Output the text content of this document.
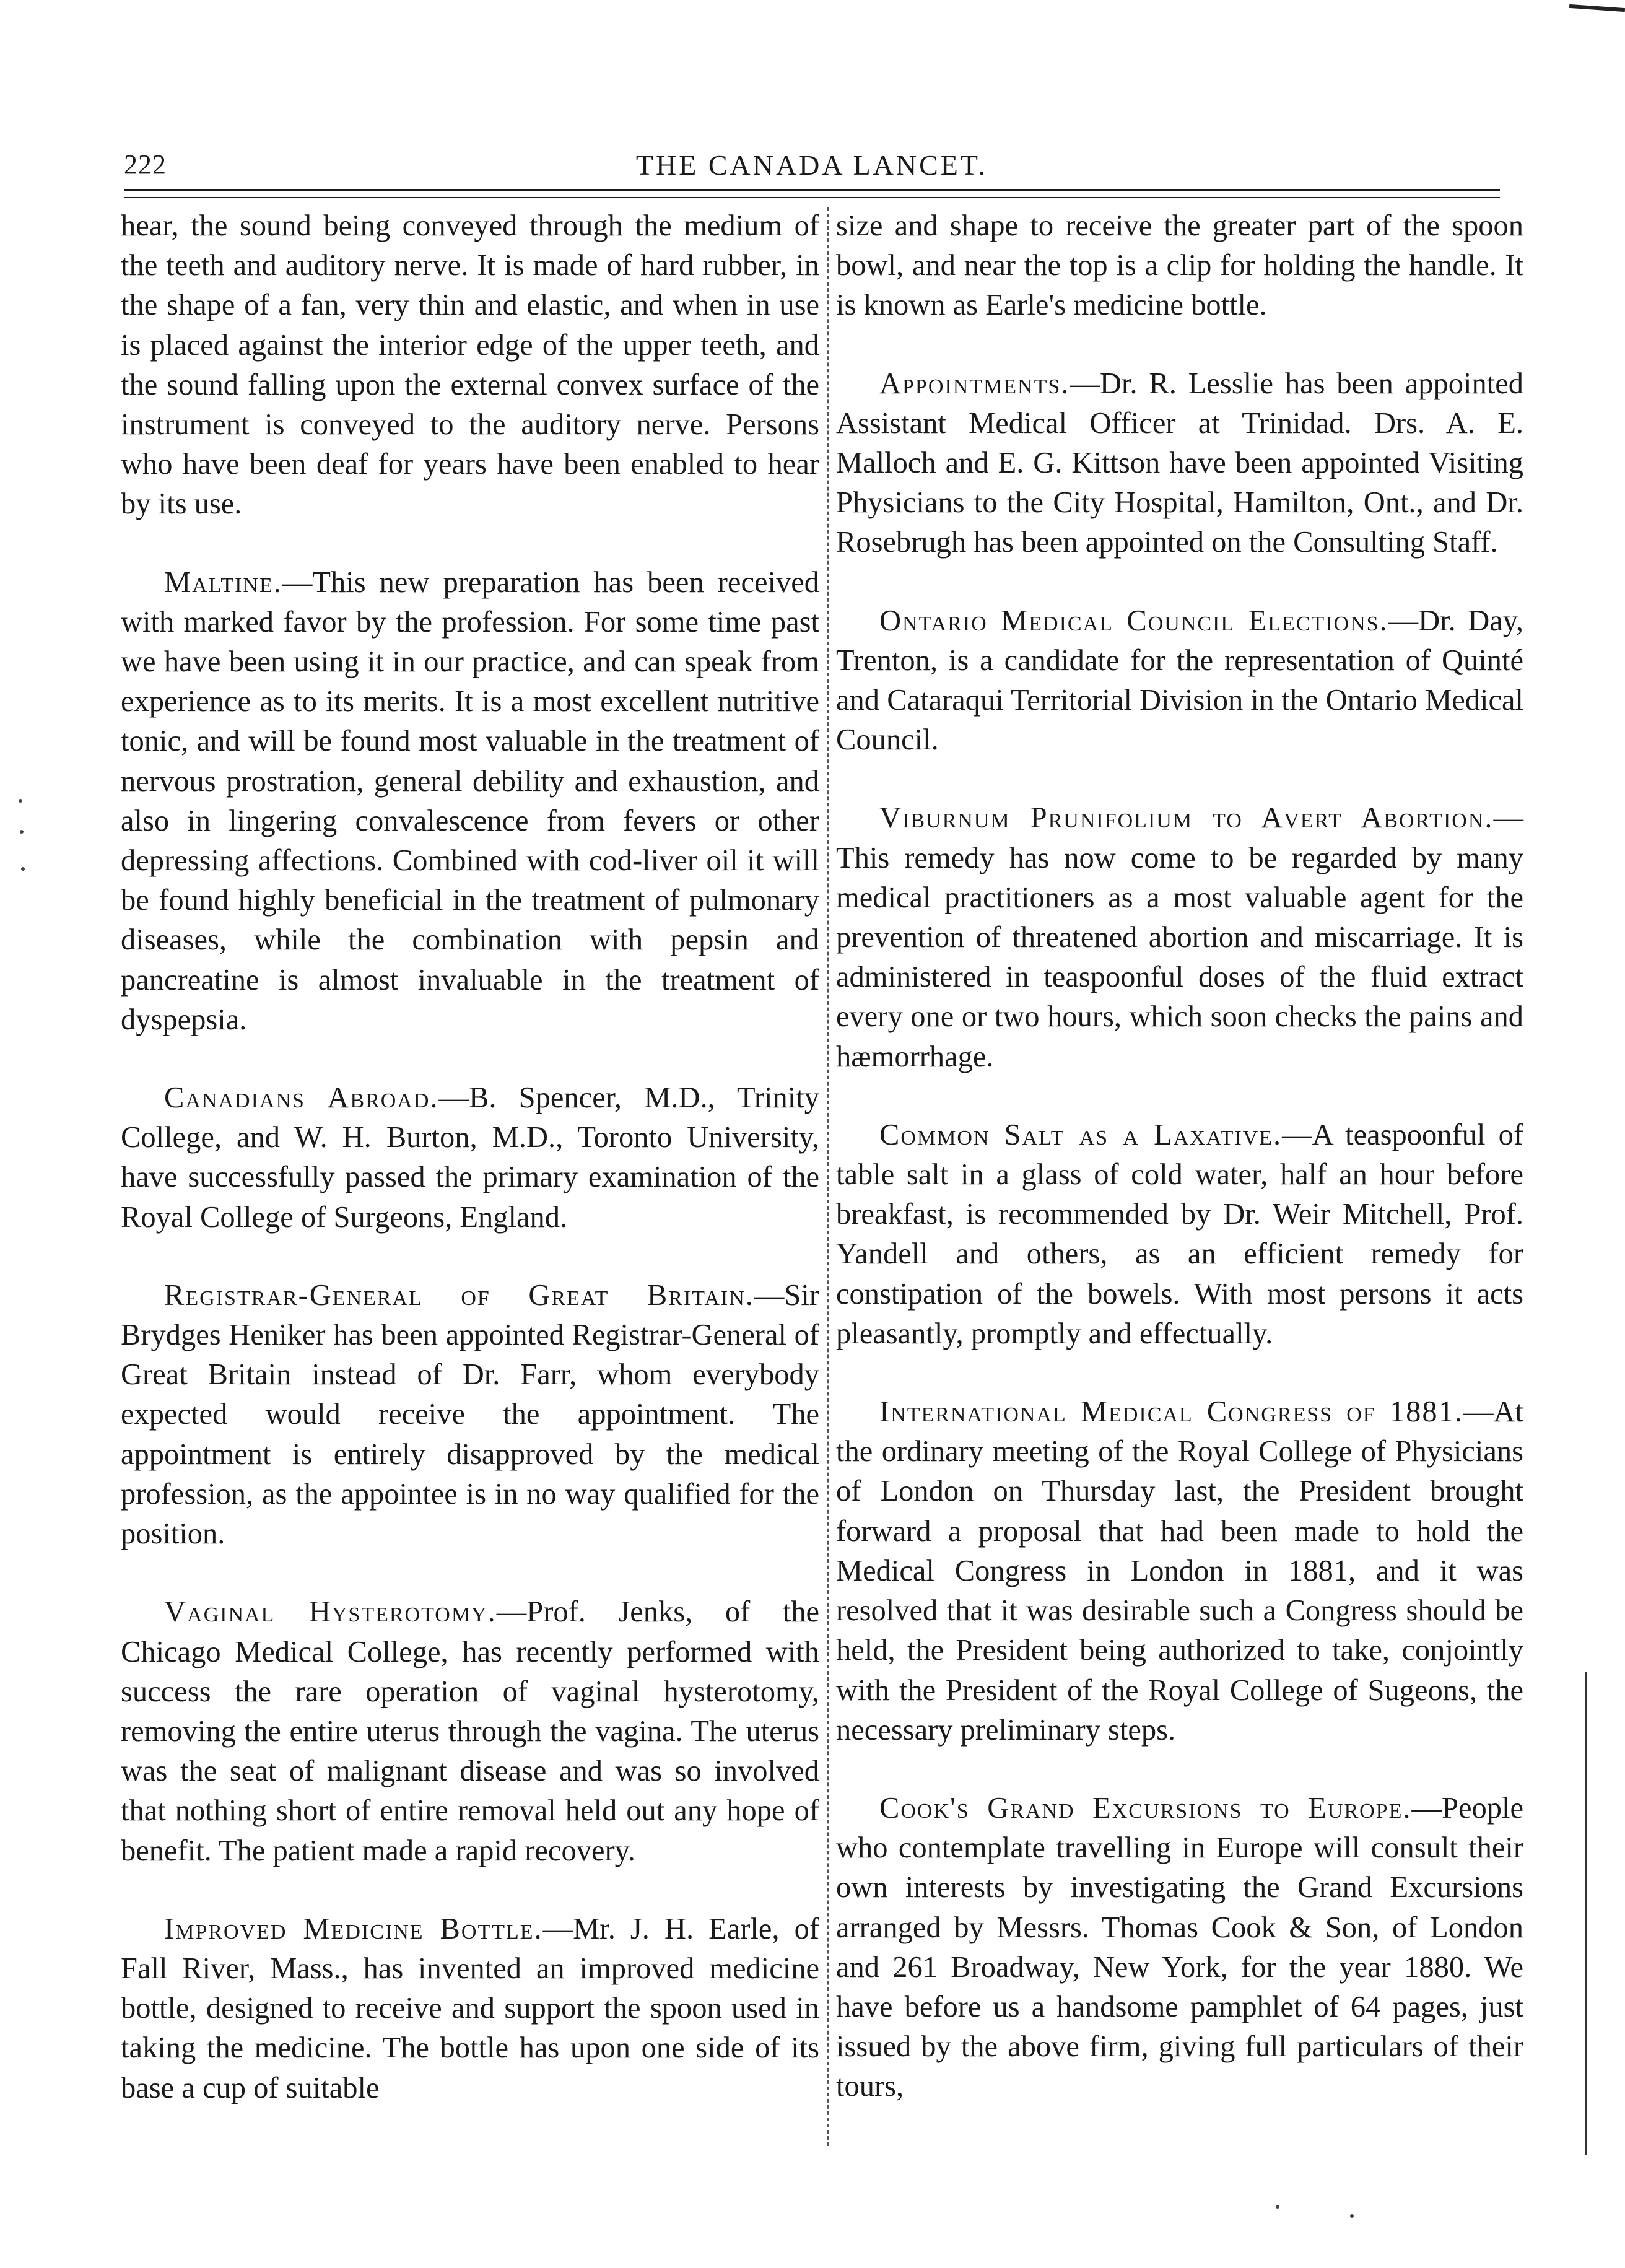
222	THE CANADA LANCET.

hear, the sound being conveyed through the medium of the teeth and auditory nerve. It is made of hard rubber, in the shape of a fan, very thin and elastic, and when in use is placed against the interior edge of the upper teeth, and the sound falling upon the external convex surface of the instrument is conveyed to the auditory nerve. Persons who have been deaf for years have been enabled to hear by its use.

Maltine.—This new preparation has been received with marked favor by the profession. For some time past we have been using it in our practice, and can speak from experience as to its merits. It is a most excellent nutritive tonic, and will be found most valuable in the treatment of nervous prostration, general debility and exhaustion, and also in lingering convalescence from fevers or other depressing affections. Combined with cod-liver oil it will be found highly beneficial in the treatment of pulmonary diseases, while the combination with pepsin and pancreatine is almost invaluable in the treatment of dyspepsia.

Canadians Abroad.—B. Spencer, M.D., Trinity College, and W. H. Burton, M.D., Toronto University, have successfully passed the primary examination of the Royal College of Surgeons, England.

Registrar-General of Great Britain.—Sir Brydges Heniker has been appointed Registrar-General of Great Britain instead of Dr. Farr, whom everybody expected would receive the appointment. The appointment is entirely disapproved by the medical profession, as the appointee is in no way qualified for the position.

Vaginal Hysterotomy.—Prof. Jenks, of the Chicago Medical College, has recently performed with success the rare operation of vaginal hysterotomy, removing the entire uterus through the vagina. The uterus was the seat of malignant disease and was so involved that nothing short of entire removal held out any hope of benefit. The patient made a rapid recovery.

Improved Medicine Bottle.—Mr. J. H. Earle, of Fall River, Mass., has invented an improved medicine bottle, designed to receive and support the spoon used in taking the medicine. The bottle has upon one side of its base a cup of suitable

size and shape to receive the greater part of the spoon bowl, and near the top is a clip for holding the handle. It is known as Earle's medicine bottle.

Appointments.—Dr. R. Lesslie has been appointed Assistant Medical Officer at Trinidad. Drs. A. E. Malloch and E. G. Kittson have been appointed Visiting Physicians to the City Hospital, Hamilton, Ont., and Dr. Rosebrugh has been appointed on the Consulting Staff.

Ontario Medical Council Elections.—Dr. Day, Trenton, is a candidate for the representation of Quinté and Cataraqui Territorial Division in the Ontario Medical Council.

Viburnum Prunifolium to Avert Abortion.—This remedy has now come to be regarded by many medical practitioners as a most valuable agent for the prevention of threatened abortion and miscarriage. It is administered in teaspoonful doses of the fluid extract every one or two hours, which soon checks the pains and hæmorrhage.

Common Salt as a Laxative.—A teaspoonful of table salt in a glass of cold water, half an hour before breakfast, is recommended by Dr. Weir Mitchell, Prof. Yandell and others, as an efficient remedy for constipation of the bowels. With most persons it acts pleasantly, promptly and effectually.

International Medical Congress of 1881.—At the ordinary meeting of the Royal College of Physicians of London on Thursday last, the President brought forward a proposal that had been made to hold the Medical Congress in London in 1881, and it was resolved that it was desirable such a Congress should be held, the President being authorized to take, conjointly with the President of the Royal College of Sugeons, the necessary preliminary steps.

Cook's Grand Excursions to Europe.—People who contemplate travelling in Europe will consult their own interests by investigating the Grand Excursions arranged by Messrs. Thomas Cook & Son, of London and 261 Broadway, New York, for the year 1880. We have before us a handsome pamphlet of 64 pages, just issued by the above firm, giving full particulars of their tours,
